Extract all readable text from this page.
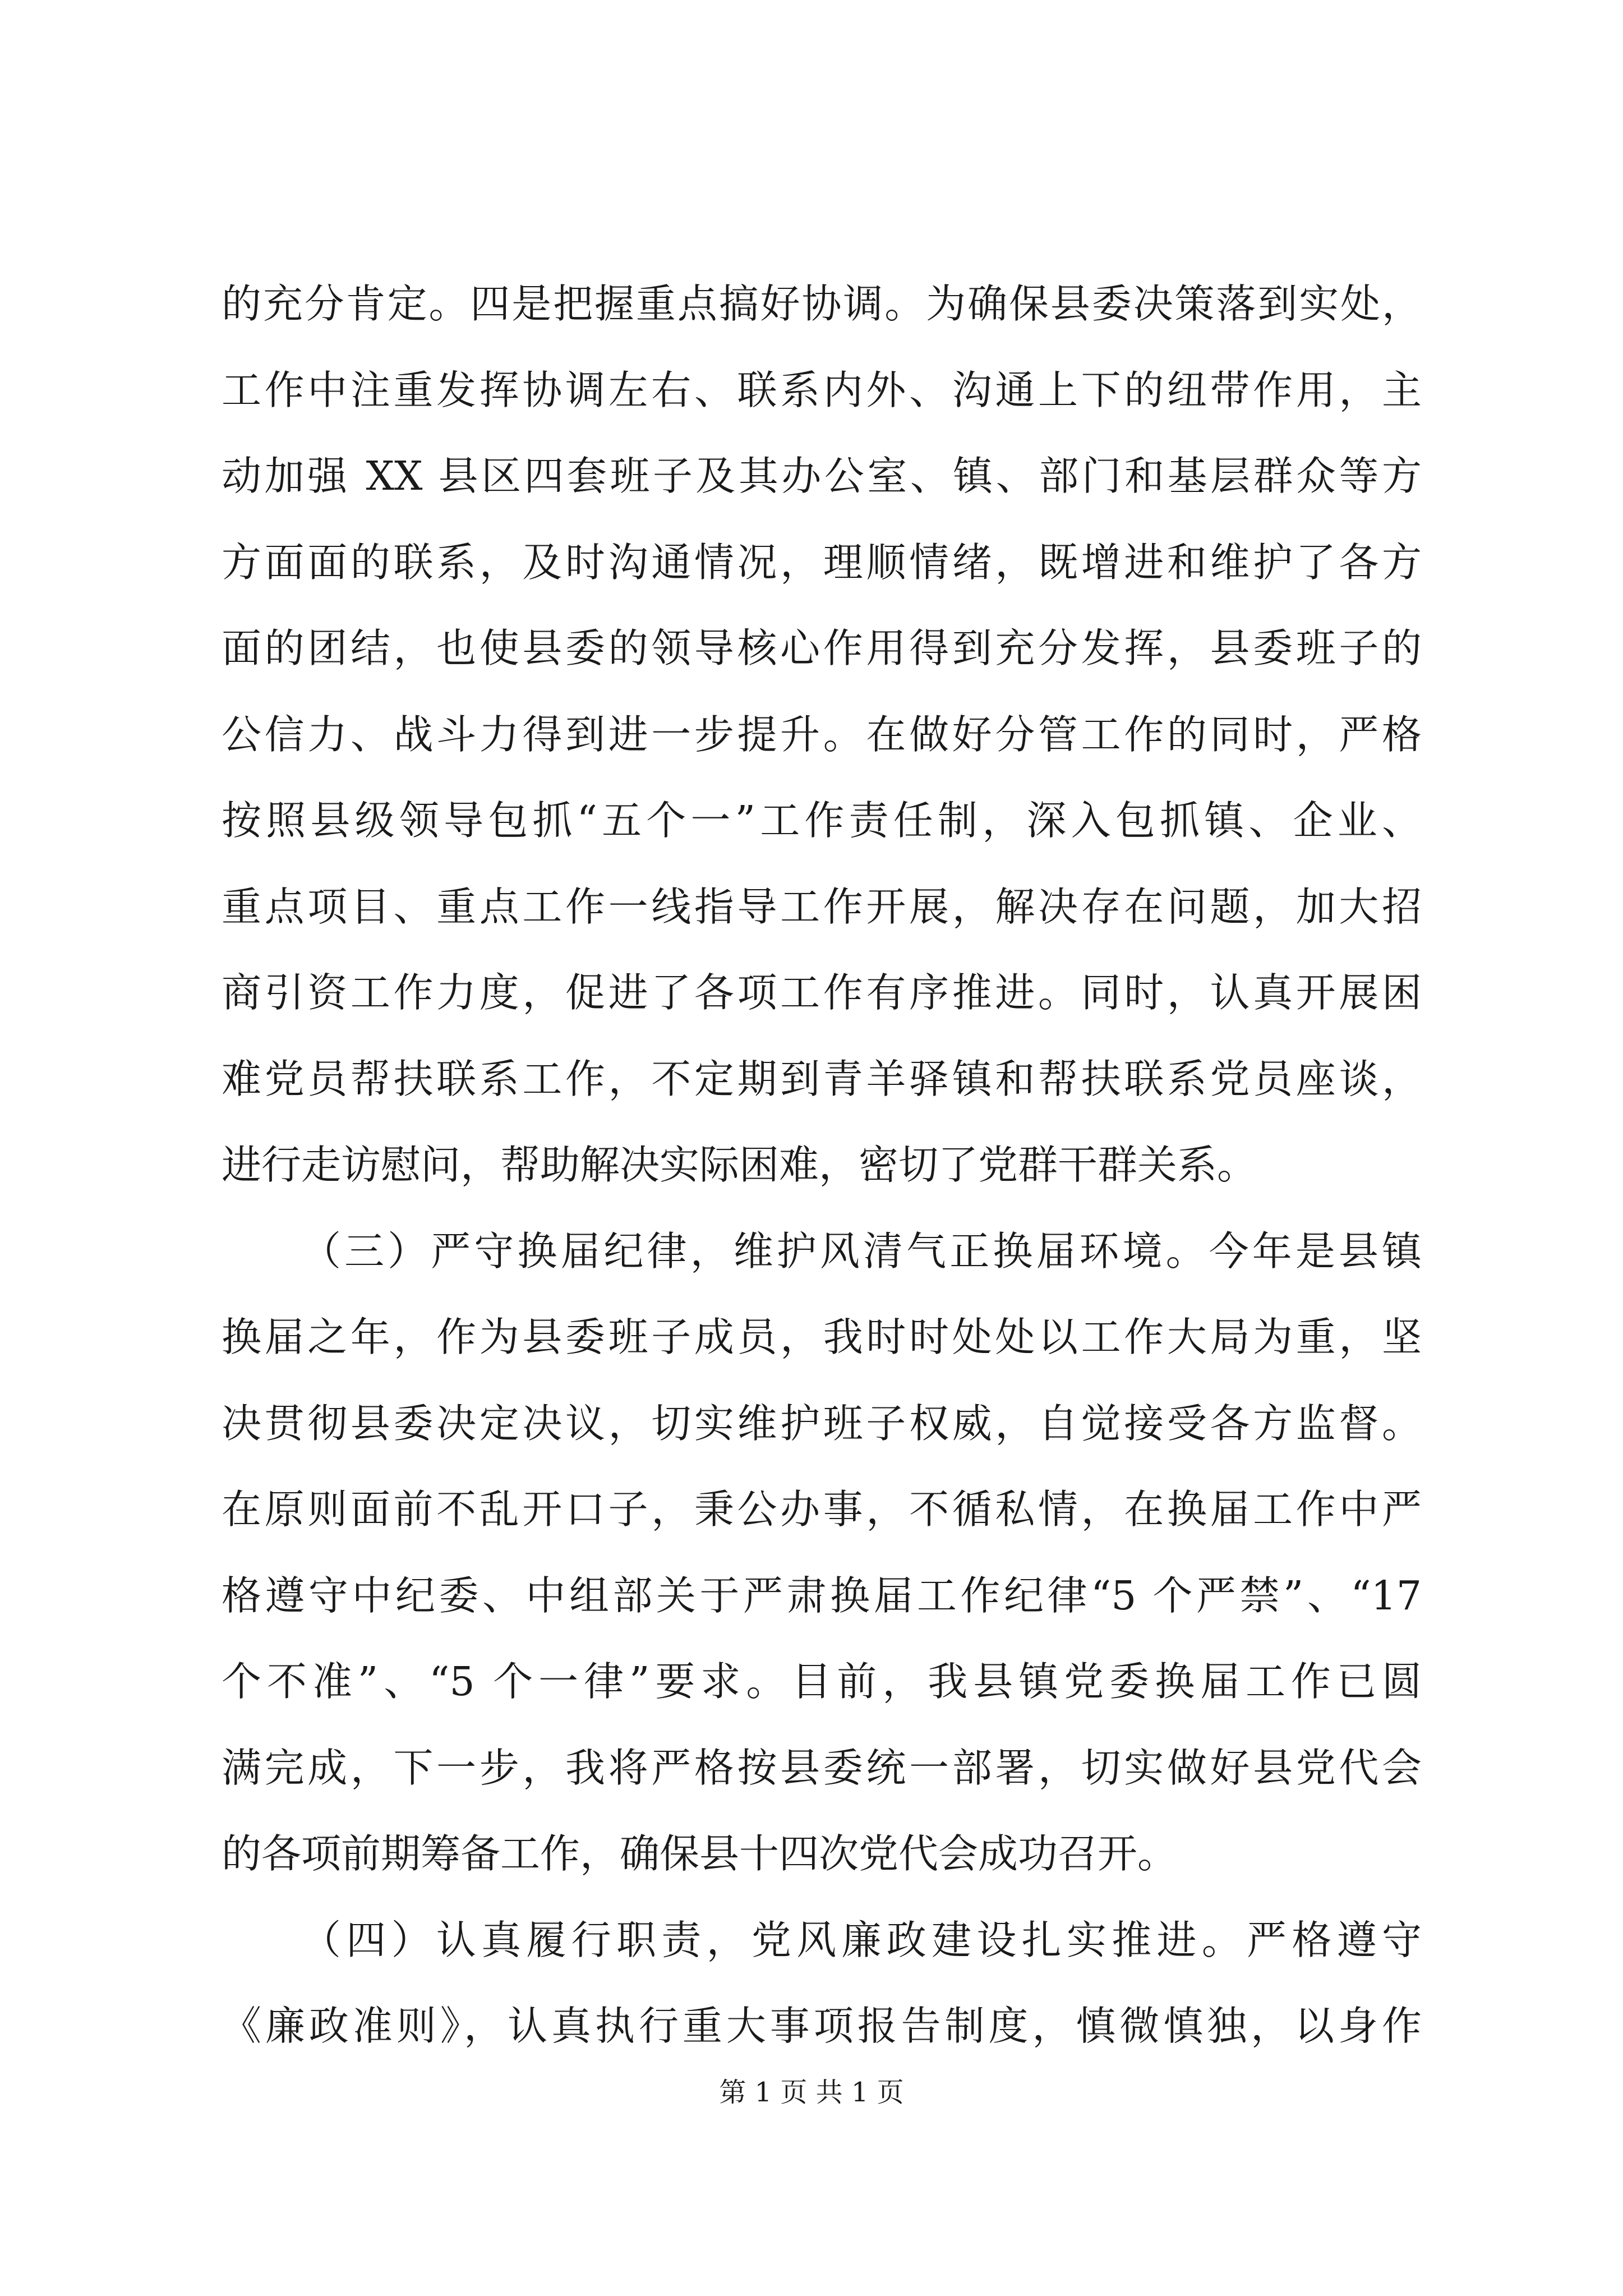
的充分肯定。四是把握重点搞好协调。为确保县委决策落到实处，
工作中注重发挥协调左右、联系内外、沟通上下的纽带作用，主
动加强 XX 县区四套班子及其办公室、镇、部门和基层群众等方
方面面的联系，及时沟通情况，理顺情绪，既增进和维护了各方
面的团结，也使县委的领导核心作用得到充分发挥，县委班子的
公信力、战斗力得到进一步提升。在做好分管工作的同时，严格
按照县级领导包抓“五个一”工作责任制，深入包抓镇、企业、
重点项目、重点工作一线指导工作开展，解决存在问题，加大招
商引资工作力度，促进了各项工作有序推进。同时，认真开展困
难党员帮扶联系工作，不定期到青羊驿镇和帮扶联系党员座谈，
进行走访慰问，帮助解决实际困难，密切了党群干群关系。
（三）严守换届纪律，维护风清气正换届环境。今年是县镇
换届之年，作为县委班子成员，我时时处处以工作大局为重，坚
决贯彻县委决定决议，切实维护班子权威，自觉接受各方监督。
在原则面前不乱开口子，秉公办事，不循私情，在换届工作中严
格遵守中纪委、中组部关于严肃换届工作纪律“5 个严禁”、“17
个不准”、“5 个一律”要求。目前，我县镇党委换届工作已圆
满完成，下一步，我将严格按县委统一部署，切实做好县党代会
的各项前期筹备工作，确保县十四次党代会成功召开。
（四）认真履行职责，党风廉政建设扎实推进。严格遵守
《廉政准则》，认真执行重大事项报告制度，慎微慎独，以身作
第 1 页 共 1 页
